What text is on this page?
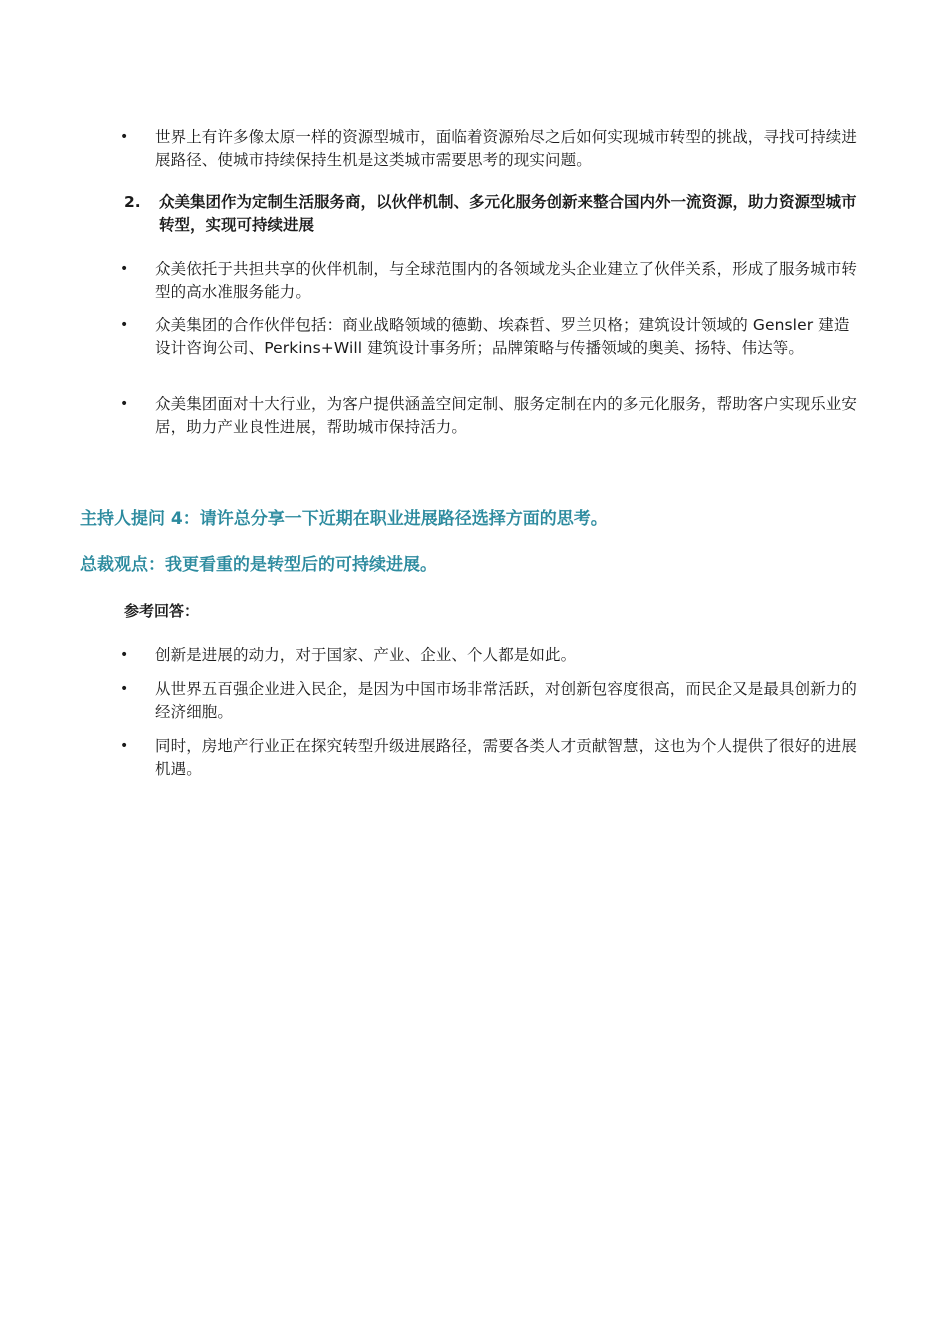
• 世界上有许多像太原一样的资源型城市，面临着资源殆尽之后如何实现城市转型的挑战，寻找可持续进展路径、使城市持续保持生机是这类城市需要思考的现实问题。
2. 众美集团作为定制生活服务商，以伙伴机制、多元化服务创新来整合国内外一流资源，助力资源型城市转型，实现可持续进展
• 众美依托于共担共享的伙伴机制，与全球范围内的各领域龙头企业建立了伙伴关系，形成了服务城市转型的高水准服务能力。
• 众美集团的合作伙伴包括：商业战略领域的德勤、埃森哲、罗兰贝格；建筑设计领域的 Gensler 建造设计咨询公司、Perkins+Will 建筑设计事务所；品牌策略与传播领域的奥美、扬特、伟达等。
• 众美集团面对十大行业，为客户提供涵盖空间定制、服务定制在内的多元化服务，帮助客户实现乐业安居，助力产业良性进展，帮助城市保持活力。
主持人提问 4：请许总分享一下近期在职业进展路径选择方面的思考。
总裁观点：我更看重的是转型后的可持续进展。
参考回答：
• 创新是进展的动力，对于国家、产业、企业、个人都是如此。
• 从世界五百强企业进入民企，是因为中国市场非常活跃，对创新包容度很高，而民企又是最具创新力的经济细胞。
• 同时，房地产行业正在探究转型升级进展路径，需要各类人才贡献智慧，这也为个人提供了很好的进展机遇。
